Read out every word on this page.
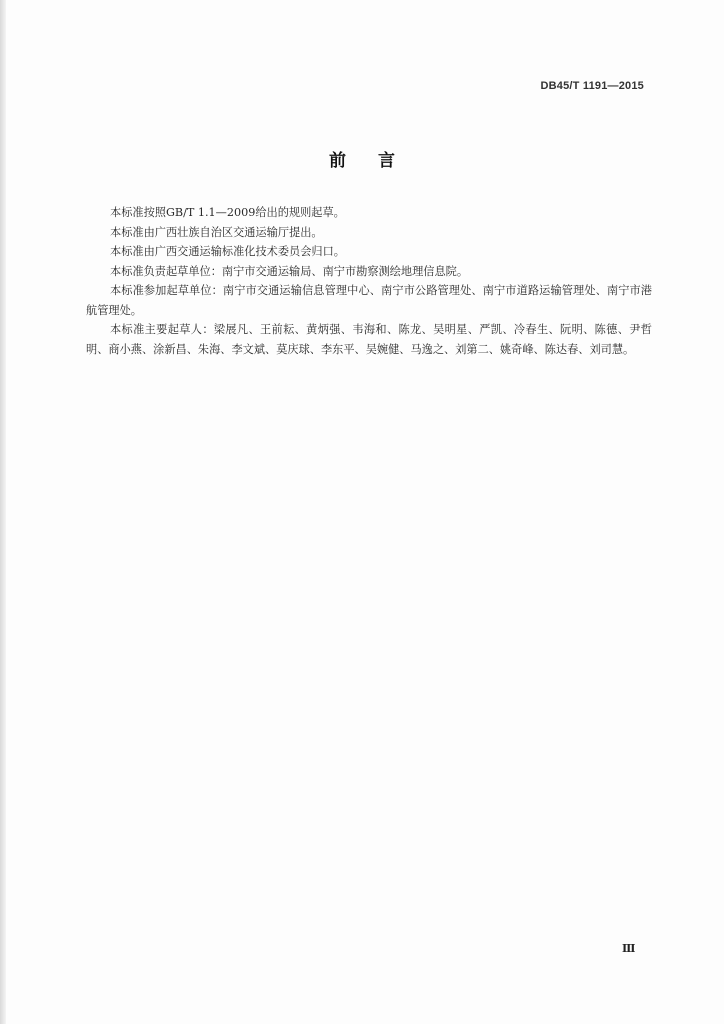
DB45/T 1191—2015
前言

本标准按照GB/T 1.1—2009给出的规则起草。

本标准由广西壮族自治区交通运输厅提出。

本标准由广西交通运输标准化技术委员会归口。

本标准负责起草单位：南宁市交通运输局、南宁市勘察测绘地理信息院。

本标准参加起草单位：南宁市交通运输信息管理中心、南宁市公路管理处、南宁市道路运输管理处、南宁市港航管理处。

本标准主要起草人：梁展凡、王前耘、黄炳强、韦海和、陈龙、吴明星、严凯、冷春生、阮明、陈德、尹哲明、商小燕、涂新昌、朱海、李文斌、莫庆球、李东平、吴婉健、马逸之、刘第二、姚奇峰、陈达春、刘司慧。

Ⅲ
